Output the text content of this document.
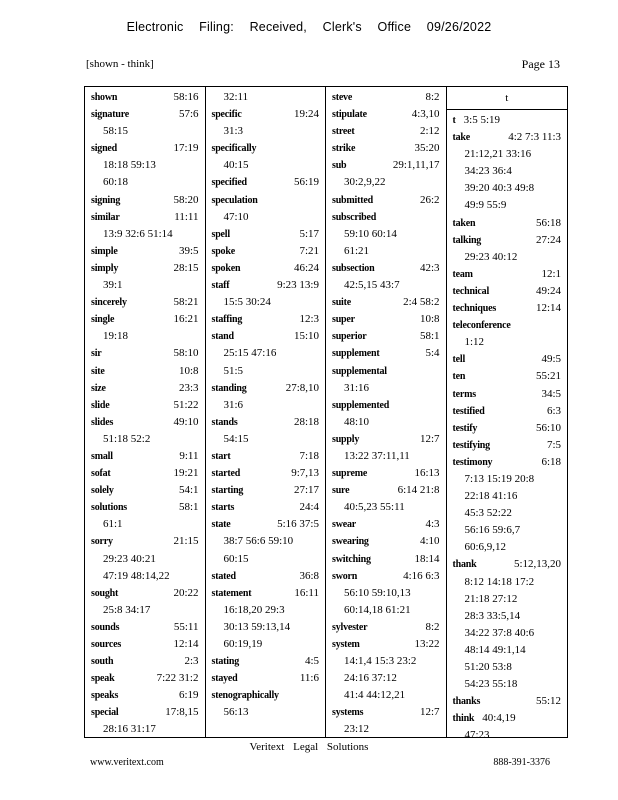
Electronic Filing: Received, Clerk's Office 09/26/2022
[shown - think]	Page 13
shown	58:16
signature	57:6
58:15
signed	17:19
18:18 59:13
60:18
signing	58:20
similar	11:11
13:9 32:6 51:14
simple	39:5
simply	28:15
39:1
sincerely	58:21
single	16:21
19:18
sir	58:10
site	10:8
size	23:3
slide	51:22
slides	49:10
51:18 52:2
small	9:11
sofat	19:21
solely	54:1
solutions	58:1
61:1
sorry	21:15
29:23 40:21
47:19 48:14,22
sought	20:22
25:8 34:17
sounds	55:11
sources	12:14
south	2:3
speak	7:22 31:2
speaks	6:19
special	17:8,15
28:16 31:17
32:11
specific	19:24
31:3
specifically
40:15
specified	56:19
speculation
47:10
spell	5:17
spoke	7:21
spoken	46:24
staff	9:23 13:9
15:5 30:24
staffing	12:3
stand	15:10
25:15 47:16
51:5
standing	27:8,10
31:6
stands	28:18
54:15
start	7:18
started	9:7,13
starting	27:17
starts	24:4
state	5:16 37:5
38:7 56:6 59:10
60:15
stated	36:8
statement	16:11
16:18,20 29:3
30:13 59:13,14
60:19,19
stating	4:5
stayed	11:6
stenographically
56:13
steve	8:2
stipulate	4:3,10
street	2:12
strike	35:20
sub	29:1,11,17
30:2,9,22
submitted	26:2
subscribed
59:10 60:14
61:21
subsection	42:3
42:5,15 43:7
suite	2:4 58:2
super	10:8
superior	58:1
supplement	5:4
supplemental
31:16
supplemented
48:10
supply	12:7
13:22 37:11,11
supreme	16:13
sure	6:14 21:8
40:5,23 55:11
swear	4:3
swearing	4:10
switching	18:14
sworn	4:16 6:3
56:10 59:10,13
60:14,18 61:21
sylvester	8:2
system	13:22
14:1,4 15:3 23:2
24:16 37:12
41:4 44:12,21
systems	12:7
23:12
t
t 3:5 5:19
take	4:2 7:3 11:3
21:12,21 33:16
34:23 36:4
39:20 40:3 49:8
49:9 55:9
taken	56:18
talking	27:24
29:23 40:12
team	12:1
technical	49:24
techniques	12:14
teleconference
1:12
tell	49:5
ten	55:21
terms	34:5
testified	6:3
testify	56:10
testifying	7:5
testimony	6:18
7:13 15:19 20:8
22:18 41:16
45:3 52:22
56:16 59:6,7
60:6,9,12
thank	5:12,13,20
8:12 14:18 17:2
21:18 27:12
28:3 33:5,14
34:22 37:8 40:6
48:14 49:1,14
51:20 53:8
54:23 55:18
thanks	55:12
think 40:4,19
47:23
Veritext Legal Solutions
www.veritext.com	888-391-3376
